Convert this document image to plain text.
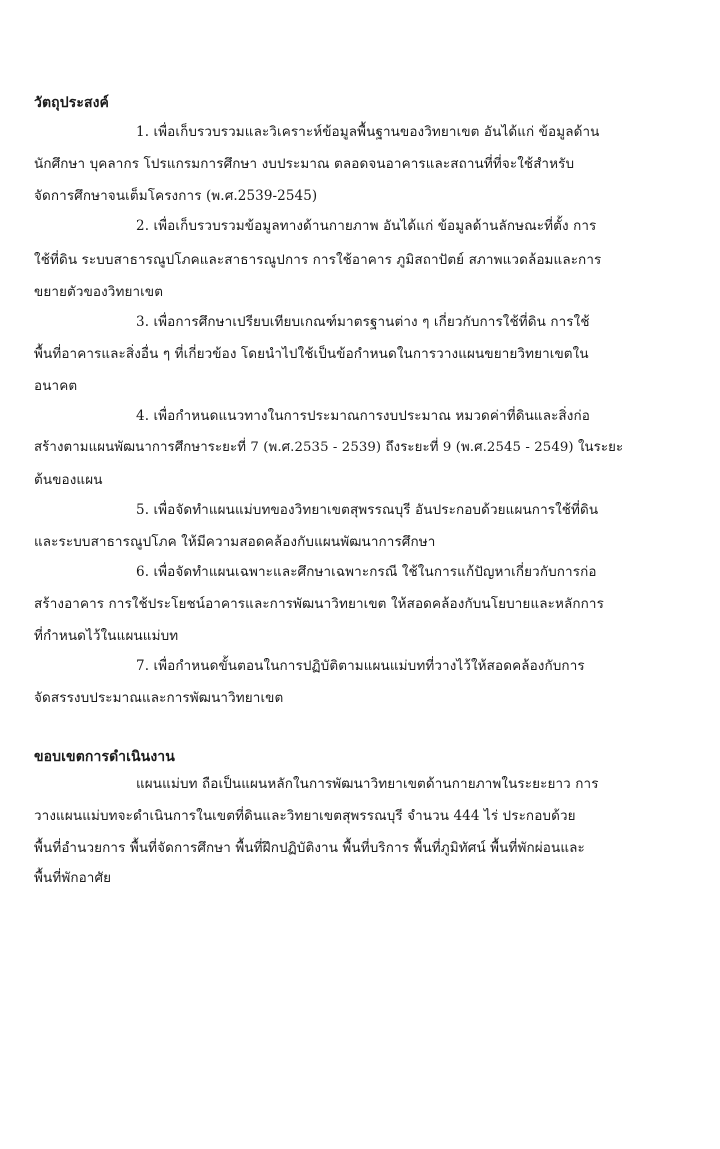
วัตถุประสงค์
1. เพื่อเก็บรวบรวมและวิเคราะห์ข้อมูลพื้นฐานของวิทยาเขต อันได้แก่ ข้อมูลด้าน
นักศึกษา บุคลากร โปรแกรมการศึกษา งบประมาณ ตลอดจนอาคารและสถานที่ที่จะใช้สำหรับ
จัดการศึกษาจนเต็มโครงการ (พ.ศ.2539-2545)
2. เพื่อเก็บรวบรวมข้อมูลทางด้านกายภาพ อันได้แก่ ข้อมูลด้านลักษณะที่ตั้ง การ
ใช้ที่ดิน ระบบสาธารณูปโภคและสาธารณูปการ การใช้อาคาร ภูมิสถาปัตย์ สภาพแวดล้อมและการ
ขยายตัวของวิทยาเขต
3. เพื่อการศึกษาเปรียบเทียบเกณฑ์มาตรฐานต่าง ๆ เกี่ยวกับการใช้ที่ดิน การใช้
พื้นที่อาคารและสิ่งอื่น ๆ ที่เกี่ยวข้อง โดยนำไปใช้เป็นข้อกำหนดในการวางแผนขยายวิทยาเขตใน
อนาคต
4. เพื่อกำหนดแนวทางในการประมาณการงบประมาณ หมวดค่าที่ดินและสิ่งก่อ
สร้างตามแผนพัฒนาการศึกษาระยะที่ 7 (พ.ศ.2535 - 2539) ถึงระยะที่ 9 (พ.ศ.2545 - 2549) ในระยะ
ต้นของแผน
5. เพื่อจัดทำแผนแม่บทของวิทยาเขตสุพรรณบุรี อันประกอบด้วยแผนการใช้ที่ดิน
และระบบสาธารณูปโภค ให้มีความสอดคล้องกับแผนพัฒนาการศึกษา
6. เพื่อจัดทำแผนเฉพาะและศึกษาเฉพาะกรณี ใช้ในการแก้ปัญหาเกี่ยวกับการก่อ
สร้างอาคาร การใช้ประโยชน์อาคารและการพัฒนาวิทยาเขต ให้สอดคล้องกับนโยบายและหลักการ
ที่กำหนดไว้ในแผนแม่บท
7. เพื่อกำหนดขั้นตอนในการปฏิบัติตามแผนแม่บทที่วางไว้ให้สอดคล้องกับการ
จัดสรรงบประมาณและการพัฒนาวิทยาเขต
ขอบเขตการดำเนินงาน
แผนแม่บท ถือเป็นแผนหลักในการพัฒนาวิทยาเขตด้านกายภาพในระยะยาว การ
วางแผนแม่บทจะดำเนินการในเขตที่ดินและวิทยาเขตสุพรรณบุรี จำนวน 444 ไร่ ประกอบด้วย
พื้นที่อำนวยการ พื้นที่จัดการศึกษา พื้นที่ฝึกปฏิบัติงาน พื้นที่บริการ พื้นที่ภูมิทัศน์ พื้นที่พักผ่อนและ
พื้นที่พักอาศัย
